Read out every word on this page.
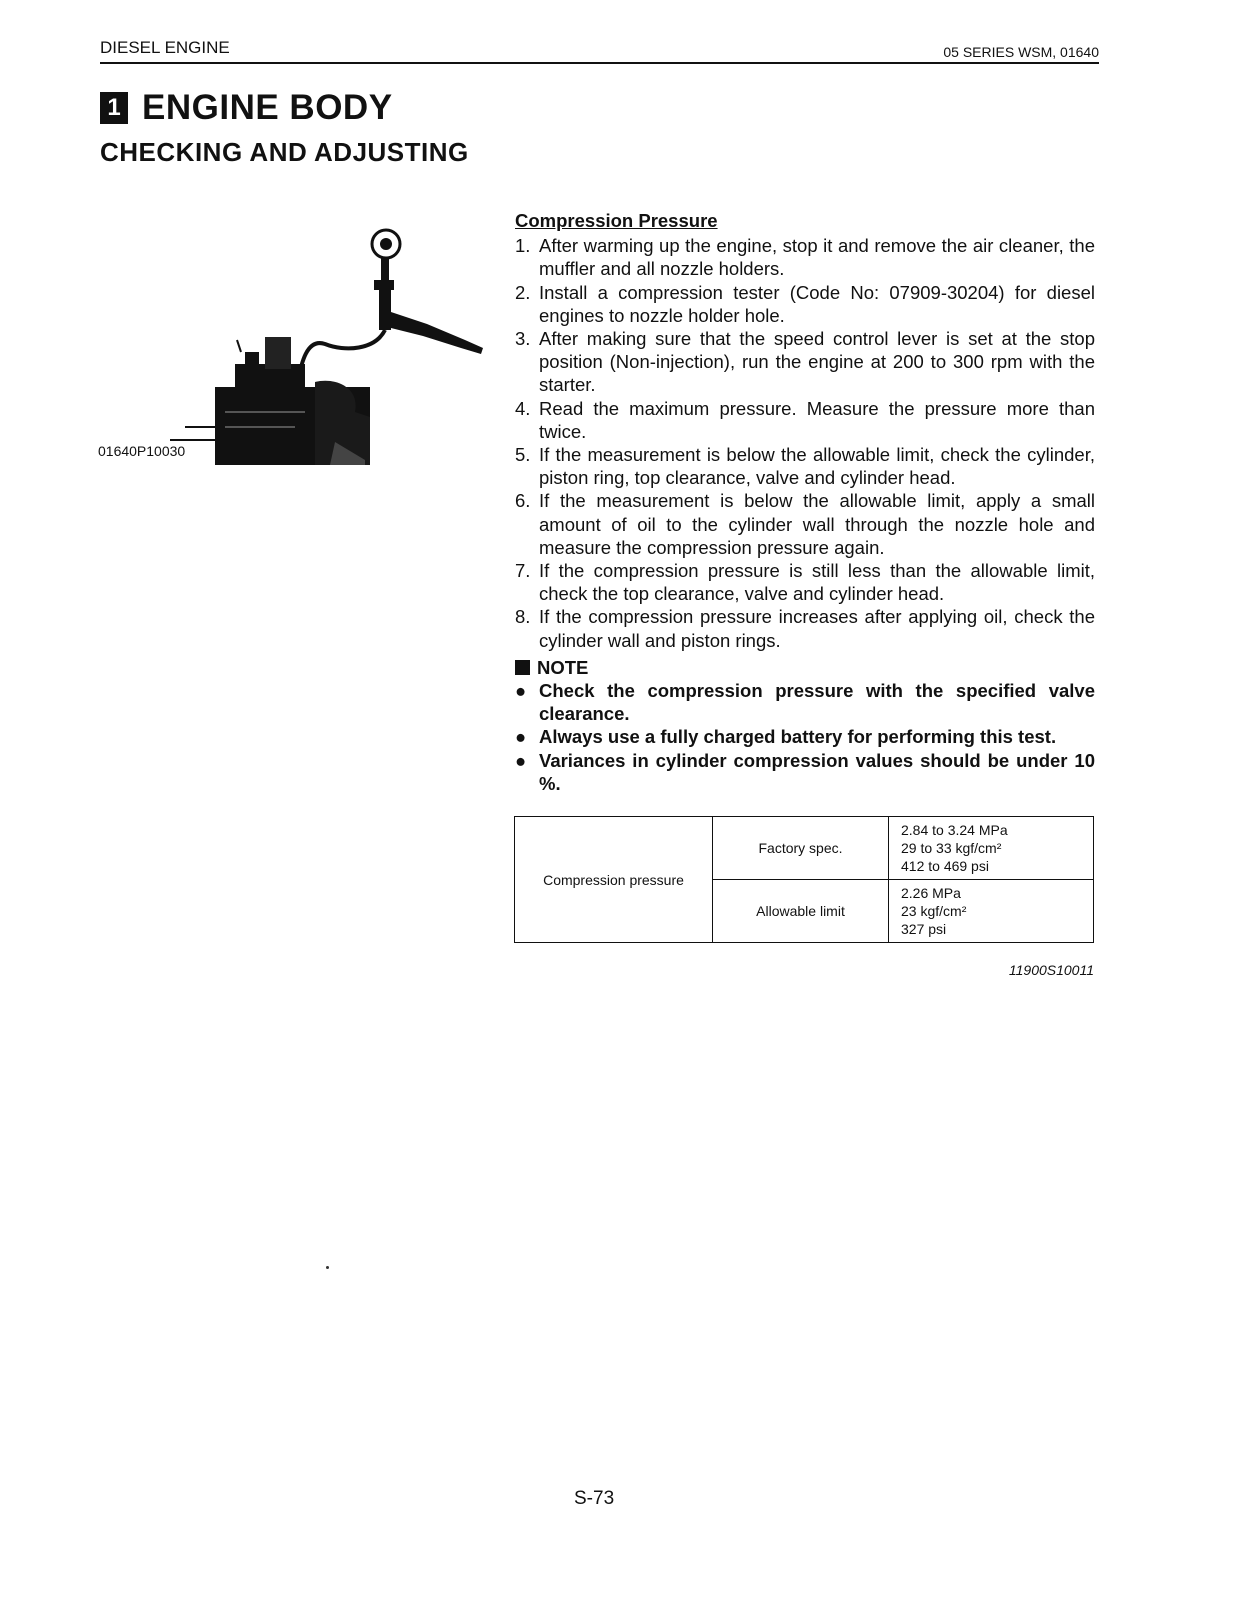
DIESEL ENGINE	05 SERIES WSM, 01640
1 ENGINE BODY
CHECKING AND ADJUSTING
01640P10030
Compression Pressure
1. After warming up the engine, stop it and remove the air cleaner, the muffler and all nozzle holders.
2. Install a compression tester (Code No: 07909-30204) for diesel engines to nozzle holder hole.
3. After making sure that the speed control lever is set at the stop position (Non-injection), run the engine at 200 to 300 rpm with the starter.
4. Read the maximum pressure. Measure the pressure more than twice.
5. If the measurement is below the allowable limit, check the cylinder, piston ring, top clearance, valve and cylinder head.
6. If the measurement is below the allowable limit, apply a small amount of oil to the cylinder wall through the nozzle hole and measure the compression pressure again.
7. If the compression pressure is still less than the allowable limit, check the top clearance, valve and cylinder head.
8. If the compression pressure increases after applying oil, check the cylinder wall and piston rings.
NOTE
● Check the compression pressure with the specified valve clearance.
● Always use a fully charged battery for performing this test.
● Variances in cylinder compression values should be under 10 %.
Compression pressure	Factory spec.	2.84 to 3.24 MPa
29 to 33 kgf/cm²
412 to 469 psi

	Allowable limit	2.26 MPa
23 kgf/cm²
327 psi
11900S10011
S-73
